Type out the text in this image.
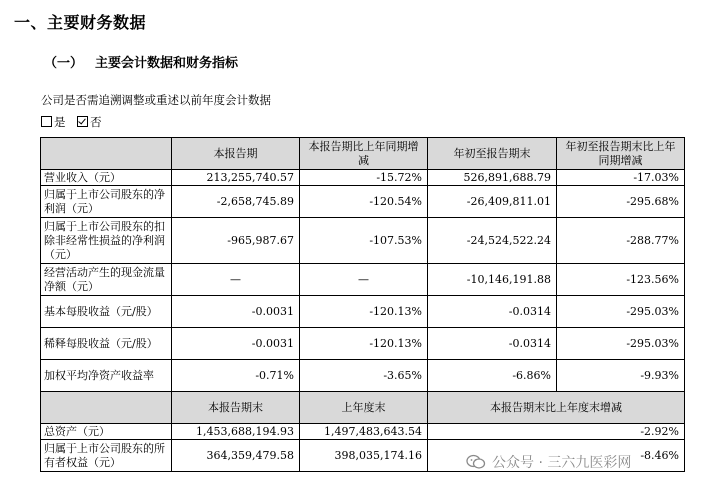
一、主要财务数据
（一） 主要会计数据和财务指标
公司是否需追溯调整或重述以前年度会计数据
是 否
	本报告期	本报告期比上年同期增减	年初至报告期末	年初至报告期末比上年同期增减
营业收入（元）	213,255,740.57	-15.72%	526,891,688.79	-17.03%
归属于上市公司股东的净利润（元）	-2,658,745.89	-120.54%	-26,409,811.01	-295.68%
归属于上市公司股东的扣除非经常性损益的净利润（元）	-965,987.67	-107.53%	-24,524,522.24	-288.77%
经营活动产生的现金流量净额（元）	—	—	-10,146,191.88	-123.56%
基本每股收益（元/股）	-0.0031	-120.13%	-0.0314	-295.03%
稀释每股收益（元/股）	-0.0031	-120.13%	-0.0314	-295.03%
加权平均净资产收益率	-0.71%	-3.65%	-6.86%	-9.93%
	本报告期末	上年度末	本报告期末比上年度末增减	
总资产（元）	1,453,688,194.93	1,497,483,643.54	-2.92%	
归属于上市公司股东的所有者权益（元）	364,359,479.58	398,035,174.16	-8.46%	
公众号 · 三六九医彩网
